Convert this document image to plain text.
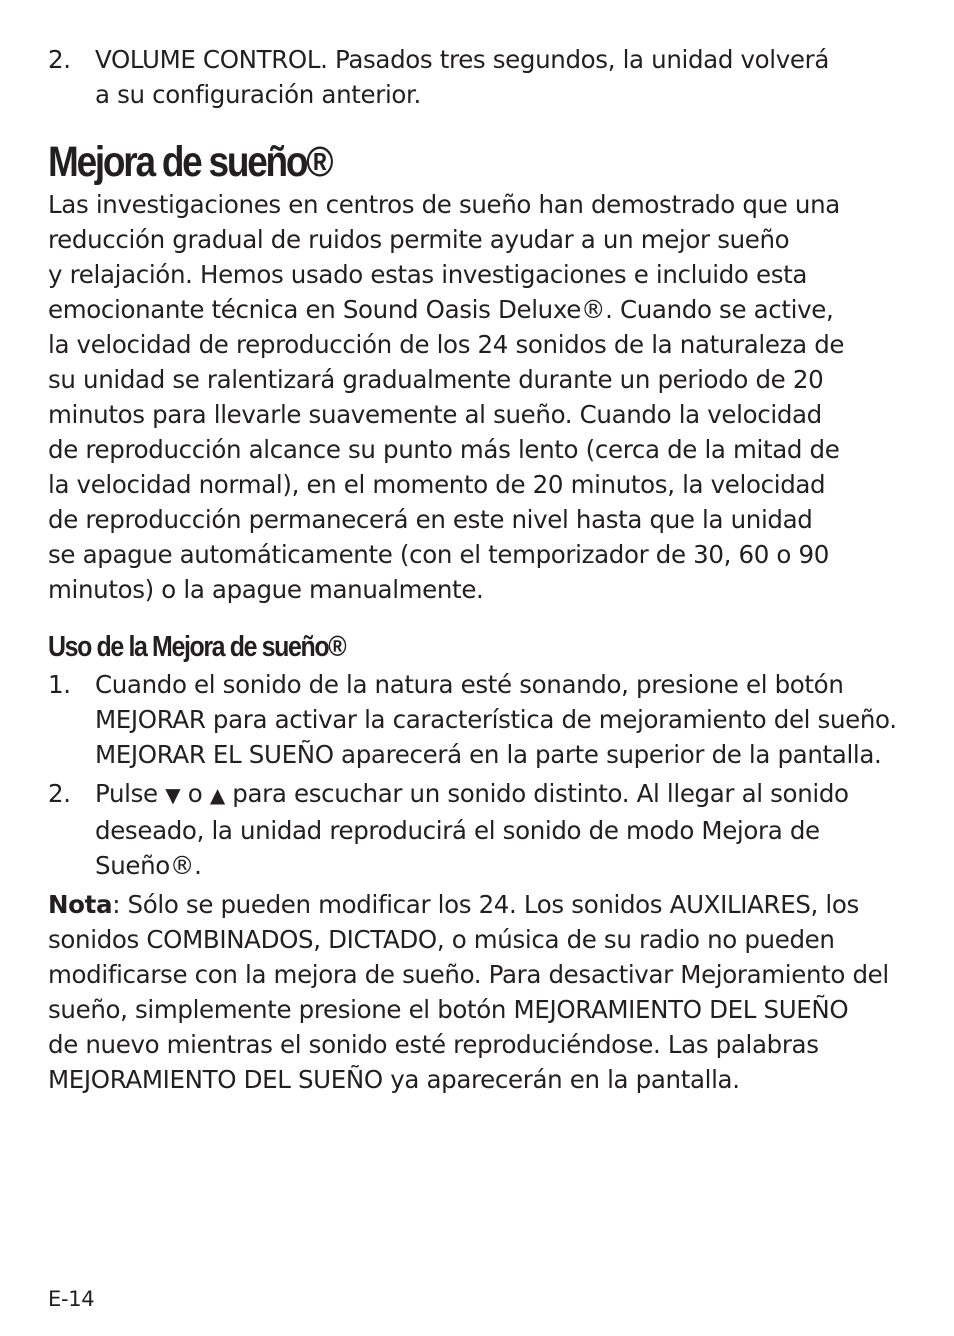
2. VOLUME CONTROL. Pasados tres segundos, la unidad volverá
a su configuración anterior.
Mejora de sueño®
Las investigaciones en centros de sueño han demostrado que una
reducción gradual de ruidos permite ayudar a un mejor sueño
y relajación. Hemos usado estas investigaciones e incluido esta
emocionante técnica en Sound Oasis Deluxe®. Cuando se active,
la velocidad de reproducción de los 24 sonidos de la naturaleza de
su unidad se ralentizará gradualmente durante un periodo de 20
minutos para llevarle suavemente al sueño. Cuando la velocidad
de reproducción alcance su punto más lento (cerca de la mitad de
la velocidad normal), en el momento de 20 minutos, la velocidad
de reproducción permanecerá en este nivel hasta que la unidad
se apague automáticamente (con el temporizador de 30, 60 o 90
minutos) o la apague manualmente.
Uso de la Mejora de sueño®
1. Cuando el sonido de la natura esté sonando, presione el botón
MEJORAR para activar la característica de mejoramiento del sueño.
MEJORAR EL SUEÑO aparecerá en la parte superior de la pantalla.
2. Pulse ▼ o ▲ para escuchar un sonido distinto. Al llegar al sonido
deseado, la unidad reproducirá el sonido de modo Mejora de
Sueño®.
Nota: Sólo se pueden modificar los 24. Los sonidos AUXILIARES, los
sonidos COMBINADOS, DICTADO, o música de su radio no pueden
modificarse con la mejora de sueño. Para desactivar Mejoramiento del
sueño, simplemente presione el botón MEJORAMIENTO DEL SUEÑO
de nuevo mientras el sonido esté reproduciéndose. Las palabras
MEJORAMIENTO DEL SUEÑO ya aparecerán en la pantalla.
E-14
